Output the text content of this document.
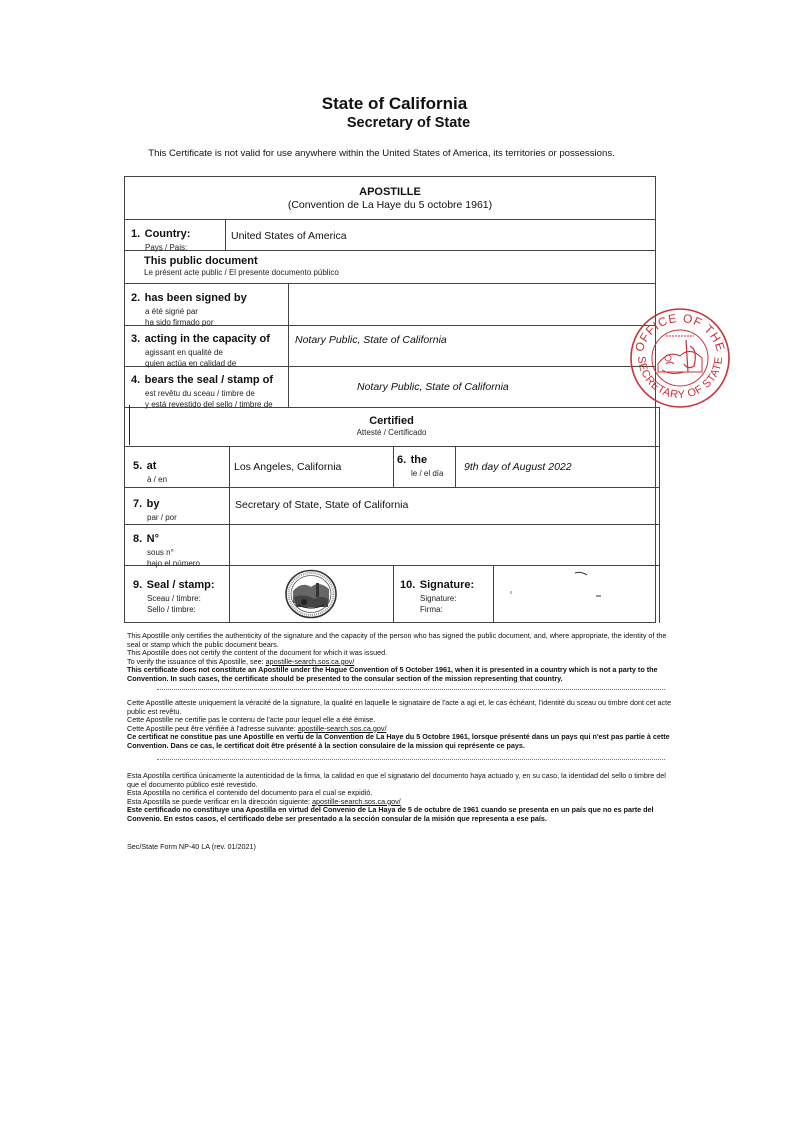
State of California
Secretary of State
This Certificate is not valid for use anywhere within the United States of America, its territories or possessions.
APOSTILLE
(Convention de La Haye du 5 octobre 1961)
1. Country:
Pays / Pais:
United States of America
This public document
Le présent acte public / El presente documento público
2. has been signed by
a été signé par
ha sido firmado por
3. acting in the capacity of
agissant en qualité de
quien actúa en calidad de
Notary Public, State of California
4. bears the seal / stamp of
est revêtu du sceau / timbre de
y está revestido del sello / timbre de
Notary Public, State of California
Certified
Attesté / Certificado
5. at
à / en
Los Angeles, California
6. the
le / el día
9th day of August 2022
7. by
par / por
Secretary of State, State of California
8. N°
sous n°
bajo el número
9. Seal / stamp:
Sceau / timbre:
Sello / timbre:
10. Signature:
Signature:
Firma:
OFFICE OF THE
SECRETARY OF STATE
This Apostille only certifies the authenticity of the signature and the capacity of the person who has signed the public document, and, where appropriate, the identity of the seal or stamp which the public document bears.
This Apostille does not certify the content of the document for which it was issued.
To verify the issuance of this Apostille, see: apostille-search.sos.ca.gov/
This certificate does not constitute an Apostille under the Hague Convention of 5 October 1961, when it is presented in a country which is not a party to the Convention. In such cases, the certificate should be presented to the consular section of the mission representing that country.
Cette Apostille atteste uniquement la véracité de la signature, la qualité en laquelle le signataire de l'acte a agi et, le cas échéant, l'identité du sceau ou timbre dont cet acte public est revêtu.
Cette Apostille ne certifie pas le contenu de l'acte pour lequel elle a été émise.
Cette Apostille peut être vérifiée à l'adresse suivante: apostille-search.sos.ca.gov/
Ce certificat ne constitue pas une Apostille en vertu de la Convention de La Haye du 5 Octobre 1961, lorsque présenté dans un pays qui n'est pas partie à cette Convention. Dans ce cas, le certificat doit être présenté à la section consulaire de la mission qui représente ce pays.
Esta Apostilla certifica únicamente la autenticidad de la firma, la calidad en que el signatario del documento haya actuado y, en su caso, la identidad del sello o timbre del que el documento público esté revestido.
Esta Apostilla no certifica el contenido del documento para el cual se expidió.
Esta Apostilla se puede verificar en la dirección siguiente: apostille-search.sos.ca.gov/
Este certificado no constituye una Apostilla en virtud del Convenio de La Haya de 5 de octubre de 1961 cuando se presenta en un país que no es parte del Convenio. En estos casos, el certificado debe ser presentado a la sección consular de la misión que representa a ese país.
Sec/State Form NP-40 LA (rev. 01/2021)
